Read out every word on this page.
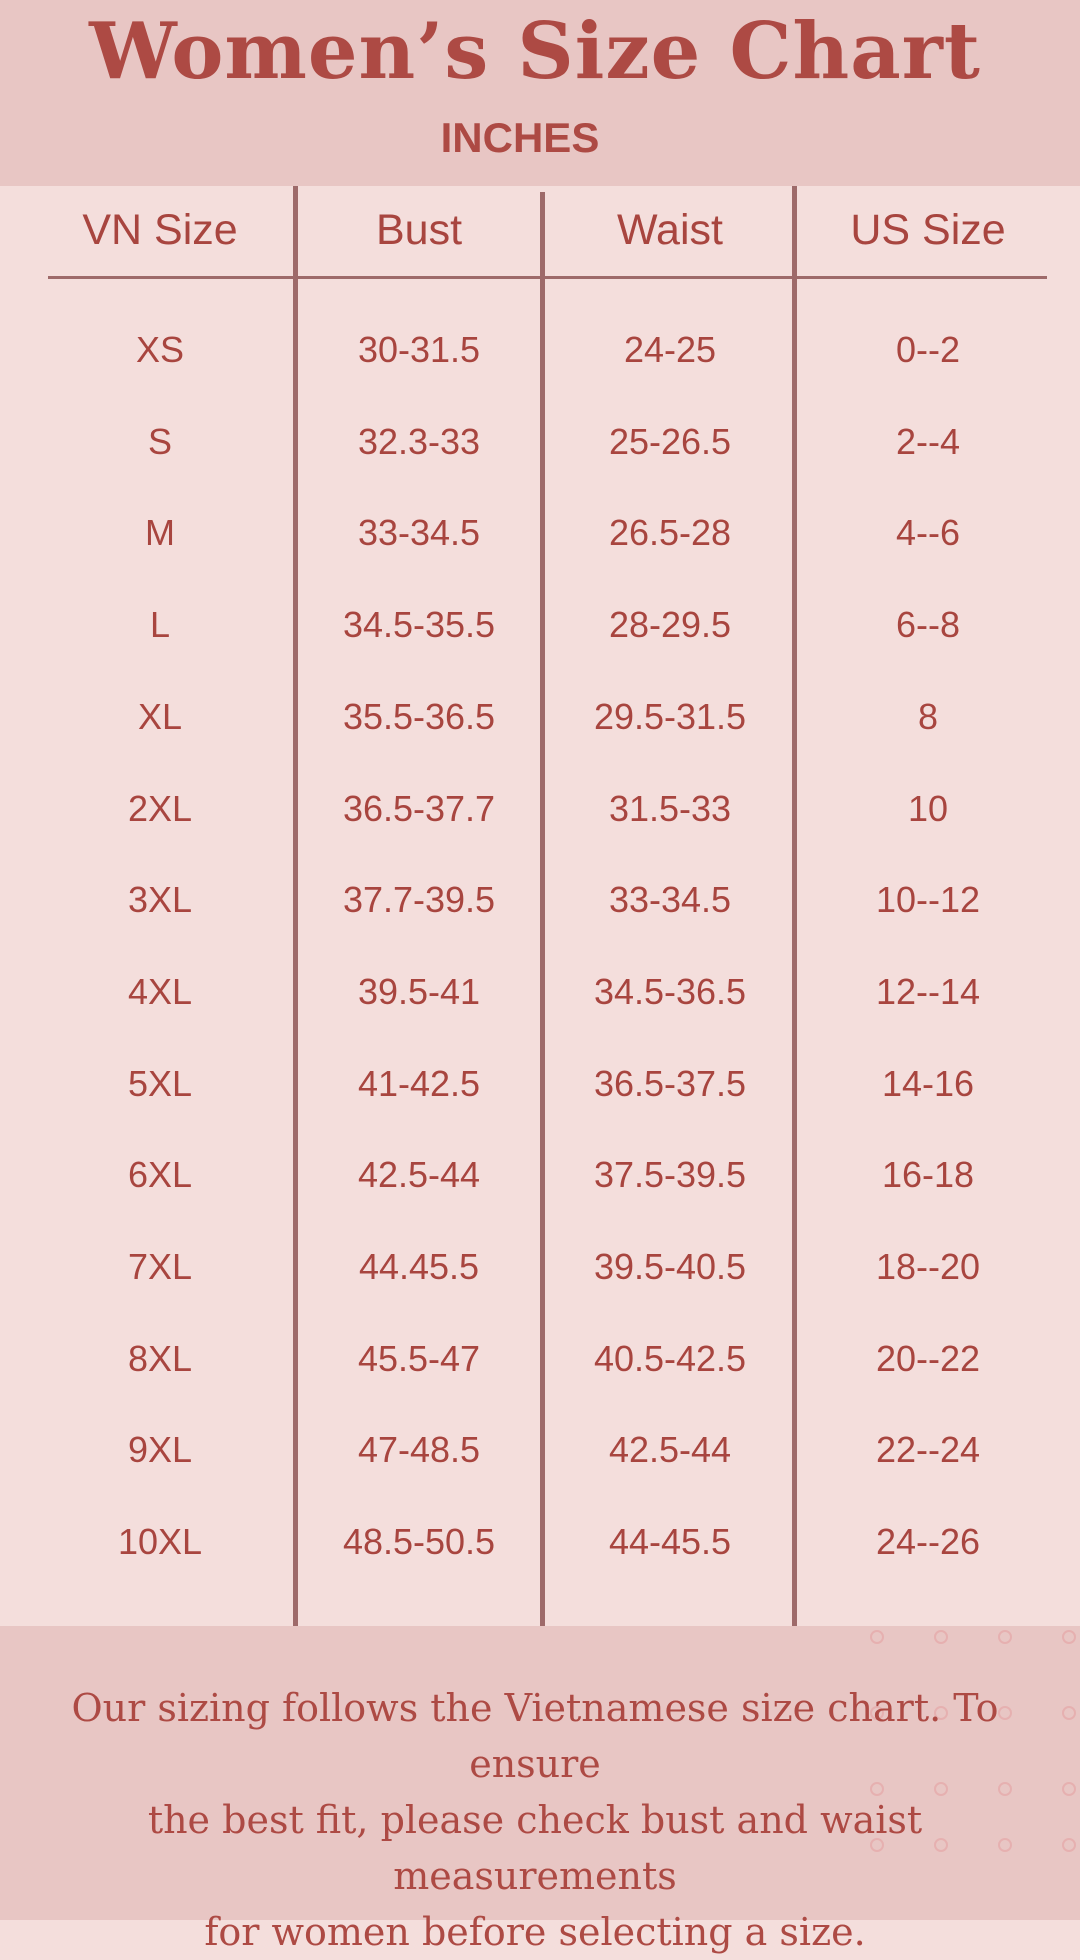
Women’s Size Chart
INCHES
VN Size	Bust	Waist	US Size
XS	30-31.5	24-25	0--2
S	32.3-33	25-26.5	2--4
M	33-34.5	26.5-28	4--6
L	34.5-35.5	28-29.5	6--8
XL	35.5-36.5	29.5-31.5	8
2XL	36.5-37.7	31.5-33	10
3XL	37.7-39.5	33-34.5	10--12
4XL	39.5-41	34.5-36.5	12--14
5XL	41-42.5	36.5-37.5	14-16
6XL	42.5-44	37.5-39.5	16-18
7XL	44.45.5	39.5-40.5	18--20
8XL	45.5-47	40.5-42.5	20--22
9XL	47-48.5	42.5-44	22--24
10XL	48.5-50.5	44-45.5	24--26
Our sizing follows the Vietnamese size chart. To ensure
the best fit, please check bust and waist measurements
for women before selecting a size.
